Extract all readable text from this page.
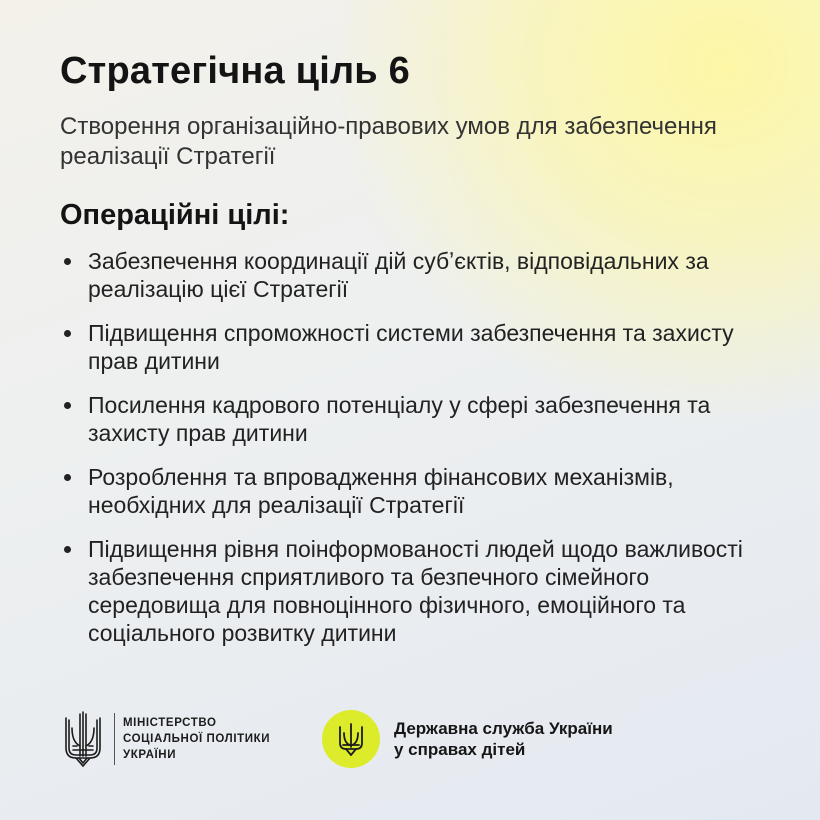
Стратегічна ціль 6

Створення організаційно-правових умов для забезпечення реалізації Стратегії

Операційні цілі:
Забезпечення координації дій субʼєктів, відповідальних за реалізацію цієї Стратегії
Підвищення спроможності системи забезпечення та захисту прав дитини
Посилення кадрового потенціалу у сфері забезпечення та захисту прав дитини
Розроблення та впровадження фінансових механізмів, необхідних для реалізації Стратегії
Підвищення рівня поінформованості людей щодо важливості забезпечення сприятливого та безпечного сімейного середовища для повноцінного фізичного, емоційного та соціального розвитку дитини
МІНІСТЕРСТВО
СОЦІАЛЬНОЇ ПОЛІТИКИ
УКРАЇНИ
Державна служба України
у справах дітей
